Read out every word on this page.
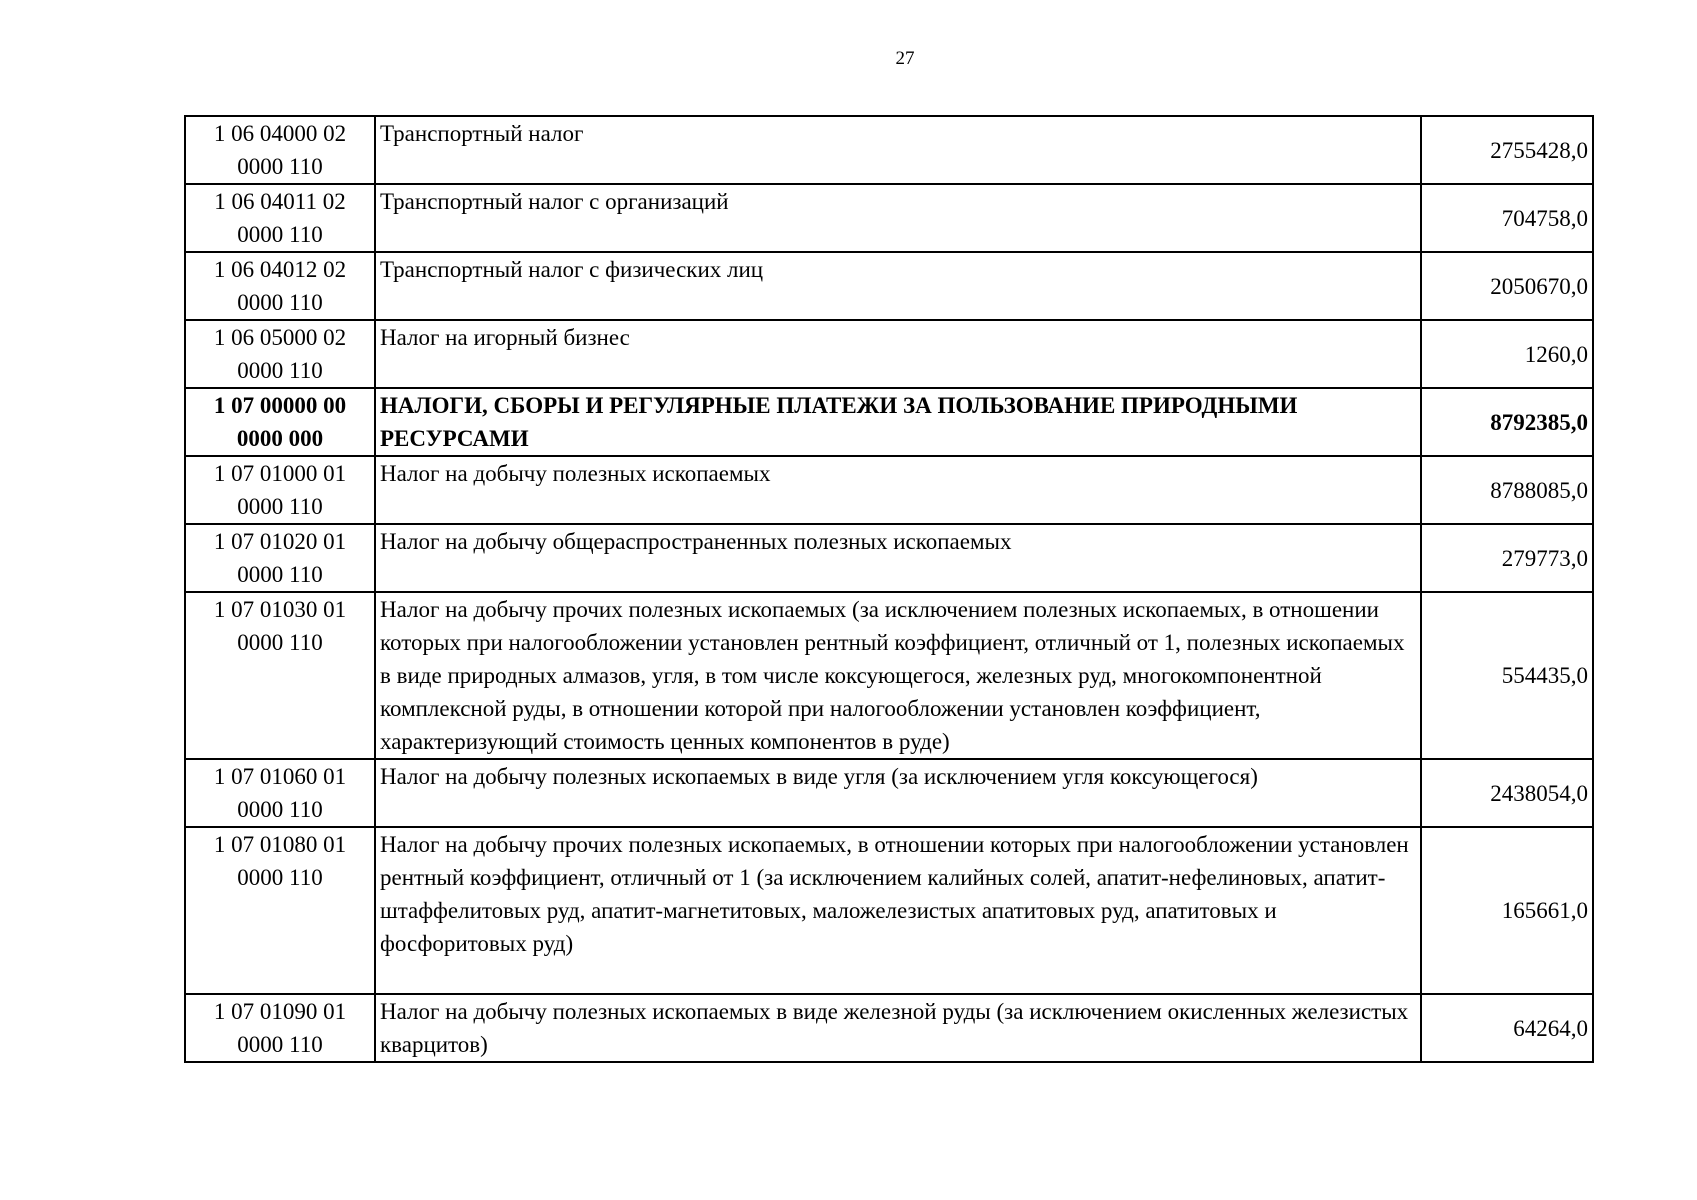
27
1 06 04000 02 0000 110	Транспортный налог	2755428,0
1 06 04011 02 0000 110	Транспортный налог с организаций	704758,0
1 06 04012 02 0000 110	Транспортный налог с физических лиц	2050670,0
1 06 05000 02 0000 110	Налог на игорный бизнес	1260,0
1 07 00000 00 0000 000	НАЛОГИ, СБОРЫ И РЕГУЛЯРНЫЕ ПЛАТЕЖИ ЗА ПОЛЬЗОВАНИЕ ПРИРОДНЫМИ РЕСУРСАМИ	8792385,0
1 07 01000 01 0000 110	Налог на добычу полезных ископаемых	8788085,0
1 07 01020 01 0000 110	Налог на добычу общераспространенных полезных ископаемых	279773,0
1 07 01030 01 0000 110	Налог на добычу прочих полезных ископаемых (за исключением полезных ископаемых, в отношении которых при налогообложении установлен рентный коэффициент, отличный от 1, полезных ископаемых в виде природных алмазов, угля, в том числе коксующегося, железных руд, многокомпонентной комплексной руды, в отношении которой при налогообложении установлен коэффициент, характеризующий стоимость ценных компонентов в руде)	554435,0
1 07 01060 01 0000 110	Налог на добычу полезных ископаемых в виде угля (за исключением угля коксующегося)	2438054,0
1 07 01080 01 0000 110	Налог на добычу прочих полезных ископаемых, в отношении которых при налогообложении установлен рентный коэффициент, отличный от 1 (за исключением калийных солей, апатит-нефелиновых, апатит-штаффелитовых руд, апатит-магнетитовых, маложелезистых апатитовых руд, апатитовых и фосфоритовых руд)	165661,0
1 07 01090 01 0000 110	Налог на добычу полезных ископаемых в виде железной руды (за исключением окисленных железистых кварцитов)	64264,0
